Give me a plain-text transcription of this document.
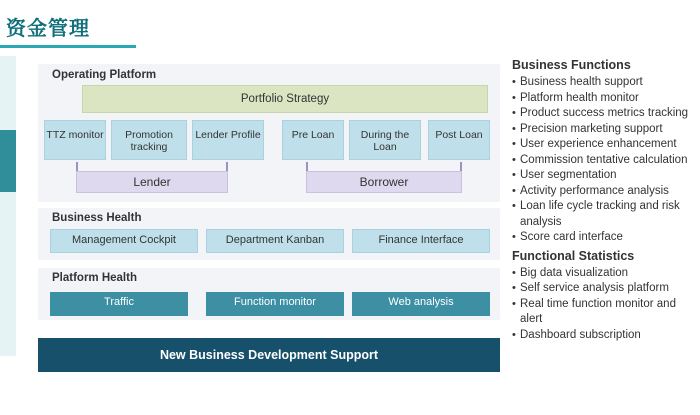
资金管理
Operating Platform
Portfolio Strategy
TTZ monitor	Promotion tracking
Lender Profile	Pre Loan	During the Loan
Post Loan
Lender	Borrower
Business Health
Management Cockpit	Department Kanban	Finance Interface
Platform Health
Traffic	Function monitor	Web analysis
New Business Development Support
Business Functions
• Business health support
• Platform health monitor
• Product success metrics tracking
• Precision marketing support
• User experience enhancement
• Commission tentative calculation
• User segmentation
• Activity performance analysis
• Loan life cycle tracking and risk analysis
• Score card interface
Functional Statistics
• Big data visualization
• Self service analysis platform
• Real time function monitor and alert
• Dashboard subscription
